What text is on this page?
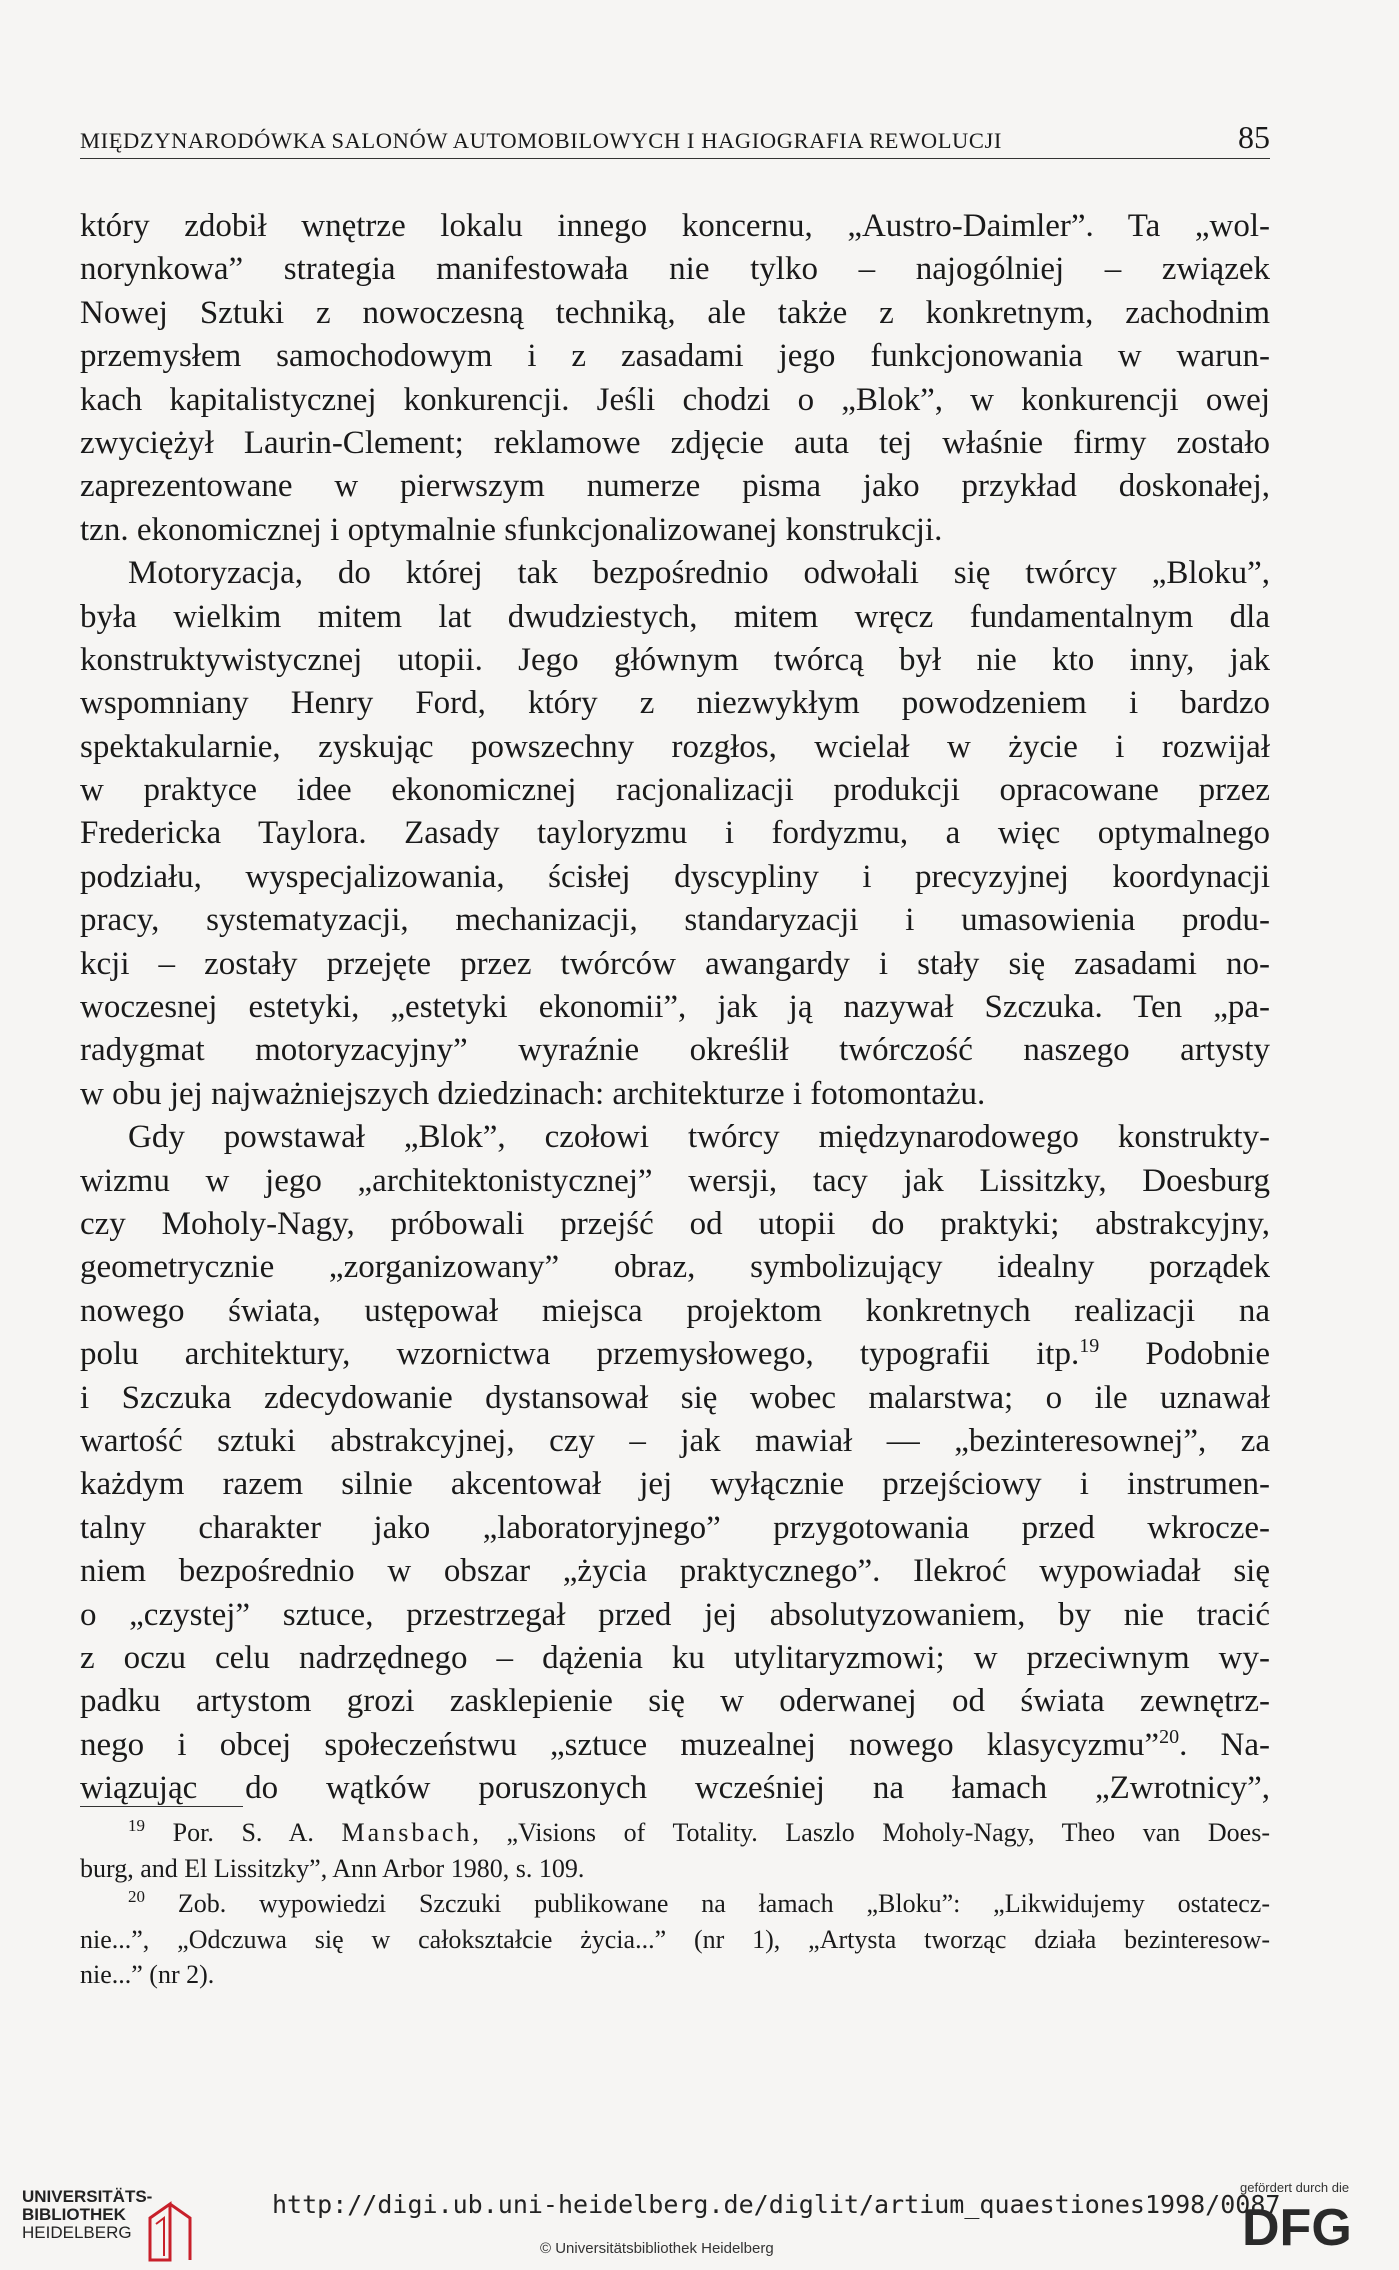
MIĘDZYNARODÓWKA SALONÓW AUTOMOBILOWYCH I HAGIOGRAFIA REWOLUCJI	85
który zdobił wnętrze lokalu innego koncernu, „Austro-Daimler”. Ta „wol-
norynkowa” strategia manifestowała nie tylko – najogólniej – związek
Nowej Sztuki z nowoczesną techniką, ale także z konkretnym, zachodnim
przemysłem samochodowym i z zasadami jego funkcjonowania w warun-
kach kapitalistycznej konkurencji. Jeśli chodzi o „Blok”, w konkurencji owej
zwyciężył Laurin-Clement; reklamowe zdjęcie auta tej właśnie firmy zostało
zaprezentowane w pierwszym numerze pisma jako przykład doskonałej,
tzn. ekonomicznej i optymalnie sfunkcjonalizowanej konstrukcji.
Motoryzacja, do której tak bezpośrednio odwołali się twórcy „Bloku”,
była wielkim mitem lat dwudziestych, mitem wręcz fundamentalnym dla
konstruktywistycznej utopii. Jego głównym twórcą był nie kto inny, jak
wspomniany Henry Ford, który z niezwykłym powodzeniem i bardzo
spektakularnie, zyskując powszechny rozgłos, wcielał w życie i rozwijał
w praktyce idee ekonomicznej racjonalizacji produkcji opracowane przez
Fredericka Taylora. Zasady tayloryzmu i fordyzmu, a więc optymalnego
podziału, wyspecjalizowania, ścisłej dyscypliny i precyzyjnej koordynacji
pracy, systematyzacji, mechanizacji, standaryzacji i umasowienia produ-
kcji – zostały przejęte przez twórców awangardy i stały się zasadami no-
woczesnej estetyki, „estetyki ekonomii”, jak ją nazywał Szczuka. Ten „pa-
radygmat motoryzacyjny” wyraźnie określił twórczość naszego artysty
w obu jej najważniejszych dziedzinach: architekturze i fotomontażu.
Gdy powstawał „Blok”, czołowi twórcy międzynarodowego konstrukty-
wizmu w jego „architektonistycznej” wersji, tacy jak Lissitzky, Doesburg
czy Moholy-Nagy, próbowali przejść od utopii do praktyki; abstrakcyjny,
geometrycznie „zorganizowany” obraz, symbolizujący idealny porządek
nowego świata, ustępował miejsca projektom konkretnych realizacji na
polu architektury, wzornictwa przemysłowego, typografii itp.$^{19}$ Podobnie
i Szczuka zdecydowanie dystansował się wobec malarstwa; o ile uznawał
wartość sztuki abstrakcyjnej, czy – jak mawiał — „bezinteresownej”, za
każdym razem silnie akcentował jej wyłącznie przejściowy i instrumen-
talny charakter jako „laboratoryjnego” przygotowania przed wkrocze-
niem bezpośrednio w obszar „życia praktycznego”. Ilekroć wypowiadał się
o „czystej” sztuce, przestrzegał przed jej absolutyzowaniem, by nie tracić
z oczu celu nadrzędnego – dążenia ku utylitaryzmowi; w przeciwnym wy-
padku artystom grozi zasklepienie się w oderwanej od świata zewnętrz-
nego i obcej społeczeństwu „sztuce muzealnej nowego klasycyzmu”$^{20}$. Na-
wiązując do wątków poruszonych wcześniej na łamach „Zwrotnicy”,
$^{19}$ Por. S. A. Mansbach, „Visions of Totality. Laszlo Moholy-Nagy, Theo van Does-
burg, and El Lissitzky”, Ann Arbor 1980, s. 109.
$^{20}$ Zob. wypowiedzi Szczuki publikowane na łamach „Bloku”: „Likwidujemy ostatecz-
nie...”, „Odczuwa się w całokształcie życia...” (nr 1), „Artysta tworząc działa bezinteresow-
nie...” (nr 2).
UNIVERSITÄTS-
BIBLIOTHEK
HEIDELBERG
http://digi.ub.uni-heidelberg.de/diglit/artium_quaestiones1998/0087
© Universitätsbibliothek Heidelberg
gefördert durch die
DFG
